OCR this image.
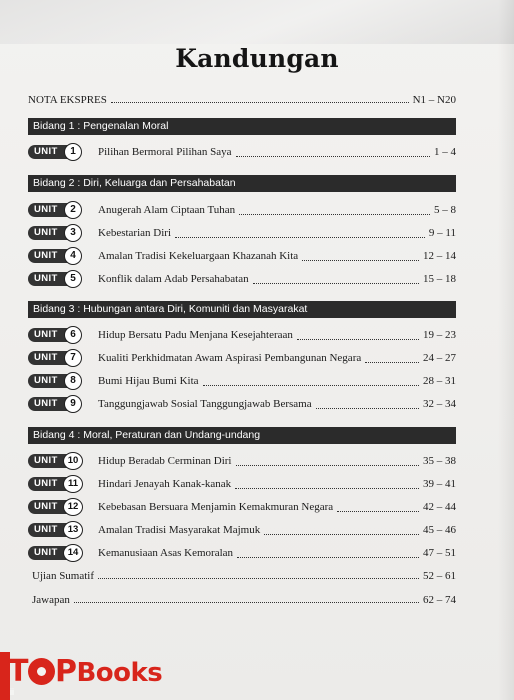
Kandungan
NOTA EKSPRES	N1 – N20
Bidang 1 : Pengenalan Moral
UNIT	1	Pilihan Bermoral Pilihan Saya	1 – 4
Bidang 2 : Diri, Keluarga dan Persahabatan
UNIT	2	Anugerah Alam Ciptaan Tuhan	5 – 8
UNIT	3	Kebestarian Diri	9 – 11
UNIT	4	Amalan Tradisi Kekeluargaan Khazanah Kita	12 – 14
UNIT	5	Konflik dalam Adab Persahabatan	15 – 18
Bidang 3 : Hubungan antara Diri, Komuniti dan Masyarakat
UNIT	6	Hidup Bersatu Padu Menjana Kesejahteraan	19 – 23
UNIT	7	Kualiti Perkhidmatan Awam Aspirasi Pembangunan Negara	24 – 27
UNIT	8	Bumi Hijau Bumi Kita	28 – 31
UNIT	9	Tanggungjawab Sosial Tanggungjawab Bersama	32 – 34
Bidang 4 : Moral, Peraturan dan Undang-undang
UNIT	10	Hidup Beradab Cerminan Diri	35 – 38
UNIT	11	Hindari Jenayah Kanak-kanak	39 – 41
UNIT	12	Kebebasan Bersuara Menjamin Kemakmuran Negara	42 – 44
UNIT	13	Amalan Tradisi Masyarakat Majmuk	45 – 46
UNIT	14	Kemanusiaan Asas Kemoralan	47 – 51
Ujian Sumatif	52 – 61
Jawapan	62 – 74
T PBooks
ii
